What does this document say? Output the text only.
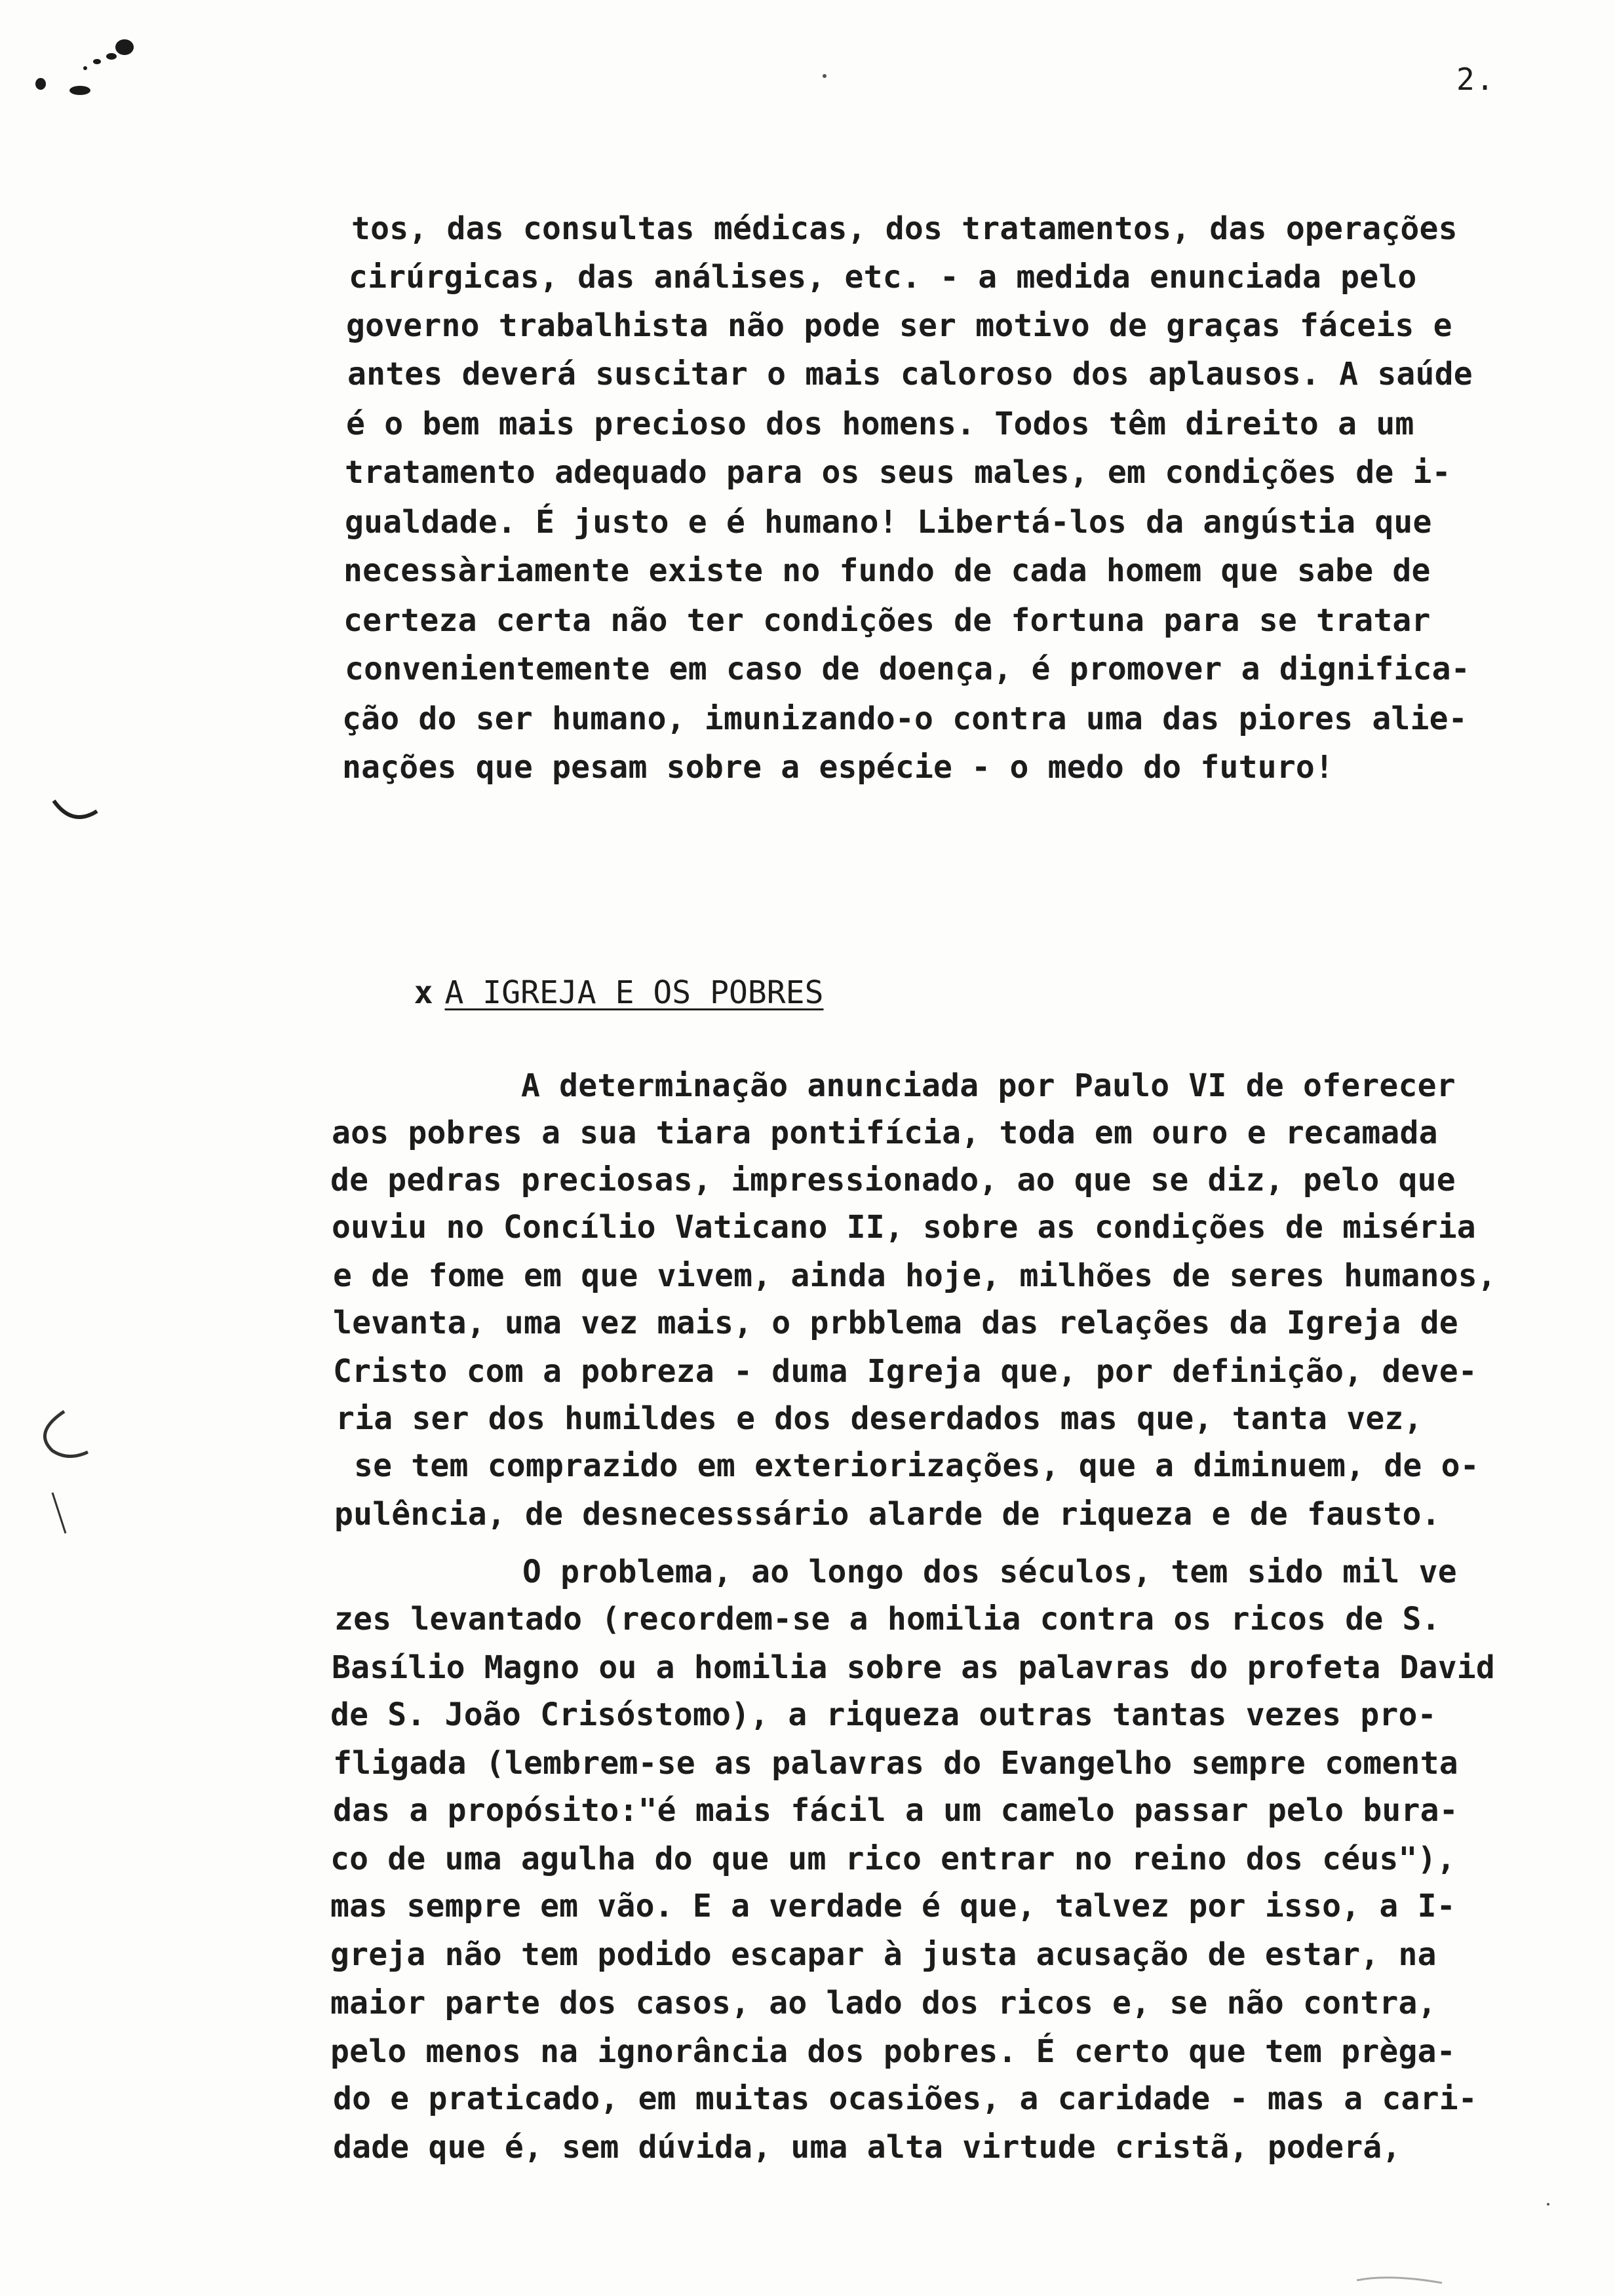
2.
tos, das consultas médicas, dos tratamentos, das operações
cirúrgicas, das análises, etc. - a medida enunciada pelo
governo trabalhista não pode ser motivo de graças fáceis e
antes deverá suscitar o mais caloroso dos aplausos. A saúde
é o bem mais precioso dos homens. Todos têm direito a um
tratamento adequado para os seus males, em condições de i-
gualdade. É justo e é humano! Libertá-los da angústia que
necessàriamente existe no fundo de cada homem que sabe de
certeza certa não ter condições de fortuna para se tratar
convenientemente em caso de doença, é promover a dignifica-
ção do ser humano, imunizando-o contra uma das piores alie-
nações que pesam sobre a espécie - o medo do futuro!

x A IGREJA E OS POBRES

A determinação anunciada por Paulo VI de oferecer
aos pobres a sua tiara pontifícia, toda em ouro e recamada
de pedras preciosas, impressionado, ao que se diz, pelo que
ouviu no Concílio Vaticano II, sobre as condições de miséria
e de fome em que vivem, ainda hoje, milhões de seres humanos,
levanta, uma vez mais, o prbblema das relações da Igreja de
Cristo com a pobreza - duma Igreja que, por definição, deve-
ria ser dos humildes e dos deserdados mas que, tanta vez,
se tem comprazido em exteriorizações, que a diminuem, de o-
pulência, de desnecesssário alarde de riqueza e de fausto.
O problema, ao longo dos séculos, tem sido mil ve
zes levantado (recordem-se a homilia contra os ricos de S.
Basílio Magno ou a homilia sobre as palavras do profeta David
de S. João Crisóstomo), a riqueza outras tantas vezes pro-
fligada (lembrem-se as palavras do Evangelho sempre comenta
das a propósito:"é mais fácil a um camelo passar pelo bura-
co de uma agulha do que um rico entrar no reino dos céus"),
mas sempre em vão. E a verdade é que, talvez por isso, a I-
greja não tem podido escapar à justa acusação de estar, na
maior parte dos casos, ao lado dos ricos e, se não contra,
pelo menos na ignorância dos pobres. É certo que tem prèga-
do e praticado, em muitas ocasiões, a caridade - mas a cari-
dade que é, sem dúvida, uma alta virtude cristã, poderá,
